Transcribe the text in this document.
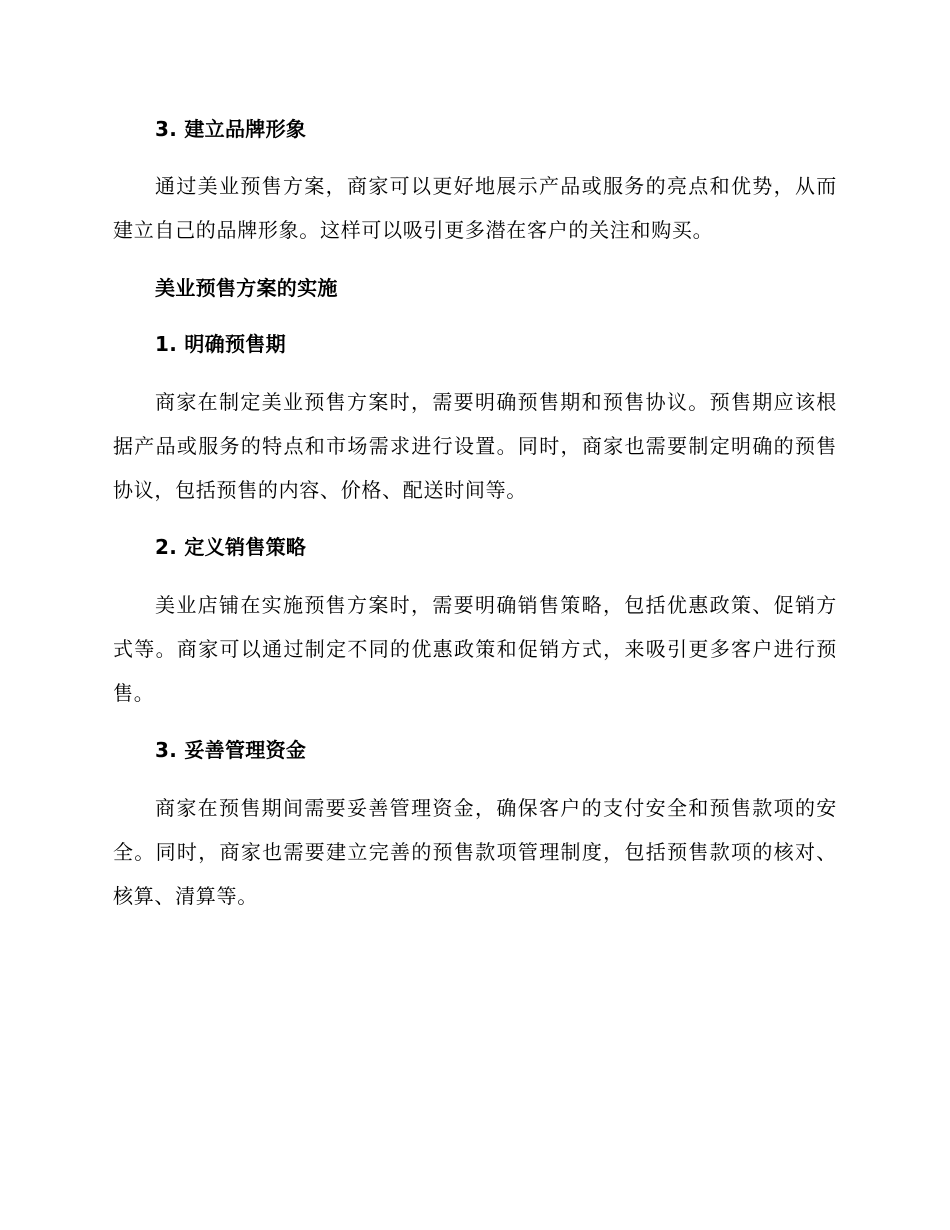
3. 建立品牌形象

通过美业预售方案，商家可以更好地展示产品或服务的亮点和优势，从而建立自己的品牌形象。这样可以吸引更多潜在客户的关注和购买。

美业预售方案的实施

1. 明确预售期

商家在制定美业预售方案时，需要明确预售期和预售协议。预售期应该根据产品或服务的特点和市场需求进行设置。同时，商家也需要制定明确的预售协议，包括预售的内容、价格、配送时间等。

2. 定义销售策略

美业店铺在实施预售方案时，需要明确销售策略，包括优惠政策、促销方式等。商家可以通过制定不同的优惠政策和促销方式，来吸引更多客户进行预售。

3. 妥善管理资金

商家在预售期间需要妥善管理资金，确保客户的支付安全和预售款项的安全。同时，商家也需要建立完善的预售款项管理制度，包括预售款项的核对、核算、清算等。
